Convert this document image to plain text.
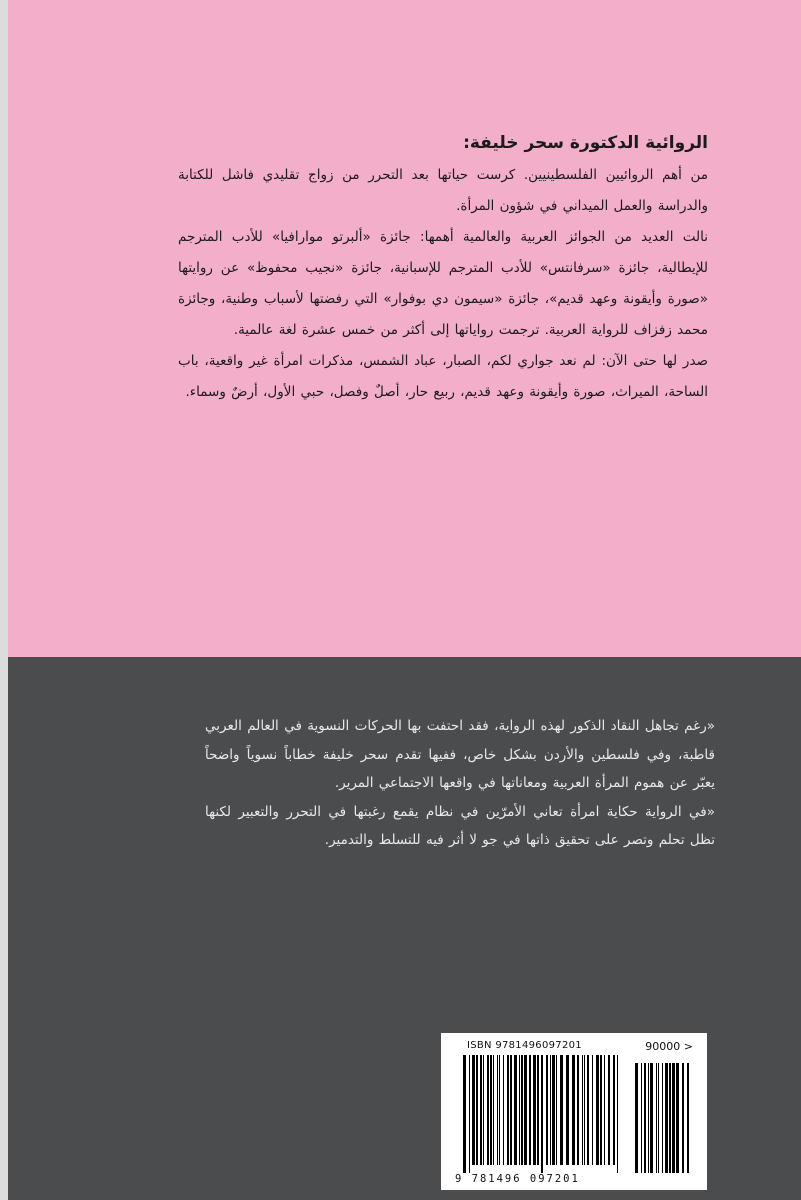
الروائية الدكتورة سحر خليفة:

من أهم الروائيين الفلسطينيين. كرست حياتها بعد التحرر من زواج تقليدي فاشل للكتابة والدراسة والعمل الميداني في شؤون المرأة.

نالت العديد من الجوائز العربية والعالمية أهمها: جائزة «ألبرتو موارافيا» للأدب المترجم للإيطالية، جائزة «سرفانتس» للأدب المترجم للإسبانية، جائزة «نجيب محفوظ» عن روايتها «صورة وأيقونة وعهد قديم»، جائزة «سيمون دي بوفوار» التي رفضتها لأسباب وطنية، وجائزة محمد زفزاف للرواية العربية. ترجمت رواياتها إلى أكثر من خمس عشرة لغة عالمية.

صدر لها حتى الآن: لم نعد جواري لكم، الصبار، عباد الشمس، مذكرات امرأة غير واقعية، باب الساحة، الميراث، صورة وأيقونة وعهد قديم، ربيع حار، أصلٌ وفصل، حبي الأول، أرضٌ وسماء.

«رغم تجاهل النقاد الذكور لهذه الرواية، فقد احتفت بها الحركات النسوية في العالم العربي قاطبة، وفي فلسطين والأردن بشكل خاص، ففيها تقدم سحر خليفة خطاباً نسوياً واضحاً يعبّر عن هموم المرأة العربية ومعاناتها في واقعها الاجتماعي المرير.

«في الرواية حكاية امرأة تعاني الأمرّين في نظام يقمع رغبتها في التحرر والتعبير لكنها تظل تحلم وتصر على تحقيق ذاتها في جو لا أثر فيه للتسلط والتدمير.

ISBN 9781496097201	90000 >
9 781496 097201
